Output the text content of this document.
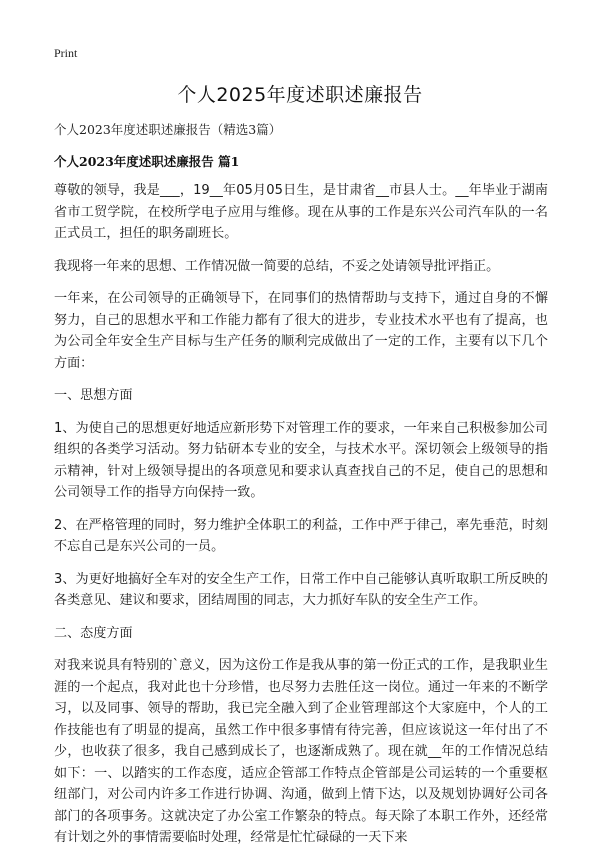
Print
个人2025年度述职述廉报告
个人2023年度述职述廉报告（精选3篇）
个人2023年度述职述廉报告 篇1

尊敬的领导，我是___，19__年05月05日生，是甘肃省__市县人士。__年毕业于湖南省市工贸学院，在校所学电子应用与维修。现在从事的工作是东兴公司汽车队的一名正式员工，担任的职务副班长。

我现将一年来的思想、工作情况做一简要的总结，不妥之处请领导批评指正。

一年来，在公司领导的正确领导下，在同事们的热情帮助与支持下，通过自身的不懈努力，自己的思想水平和工作能力都有了很大的进步，专业技术水平也有了提高，也为公司全年安全生产目标与生产任务的顺利完成做出了一定的工作，主要有以下几个方面：

一、思想方面

1、为使自己的思想更好地适应新形势下对管理工作的要求，一年来自己积极参加公司组织的各类学习活动。努力钻研本专业的安全，与技术水平。深切领会上级领导的指示精神，针对上级领导提出的各项意见和要求认真查找自己的不足，使自己的思想和公司领导工作的指导方向保持一致。

2、在严格管理的同时，努力维护全体职工的利益，工作中严于律己，率先垂范，时刻不忘自己是东兴公司的一员。

3、为更好地搞好全车对的安全生产工作，日常工作中自己能够认真听取职工所反映的各类意见、建议和要求，团结周围的同志，大力抓好车队的安全生产工作。

二、态度方面

对我来说具有特别的`意义，因为这份工作是我从事的第一份正式的工作，是我职业生涯的一个起点，我对此也十分珍惜，也尽努力去胜任这一岗位。通过一年来的不断学习，以及同事、领导的帮助，我已完全融入到了企业管理部这个大家庭中，个人的工作技能也有了明显的提高，虽然工作中很多事情有待完善，但应该说这一年付出了不少，也收获了很多，我自己感到成长了，也逐渐成熟了。现在就__年的工作情况总结如下：一、以踏实的工作态度，适应企管部工作特点企管部是公司运转的一个重要枢纽部门，对公司内许多工作进行协调、沟通，做到上情下达，以及规划协调好公司各部门的各项事务。这就决定了办公室工作繁杂的特点。每天除了本职工作外，还经常有计划之外的事情需要临时处理，经常是忙忙碌碌的一天下来
